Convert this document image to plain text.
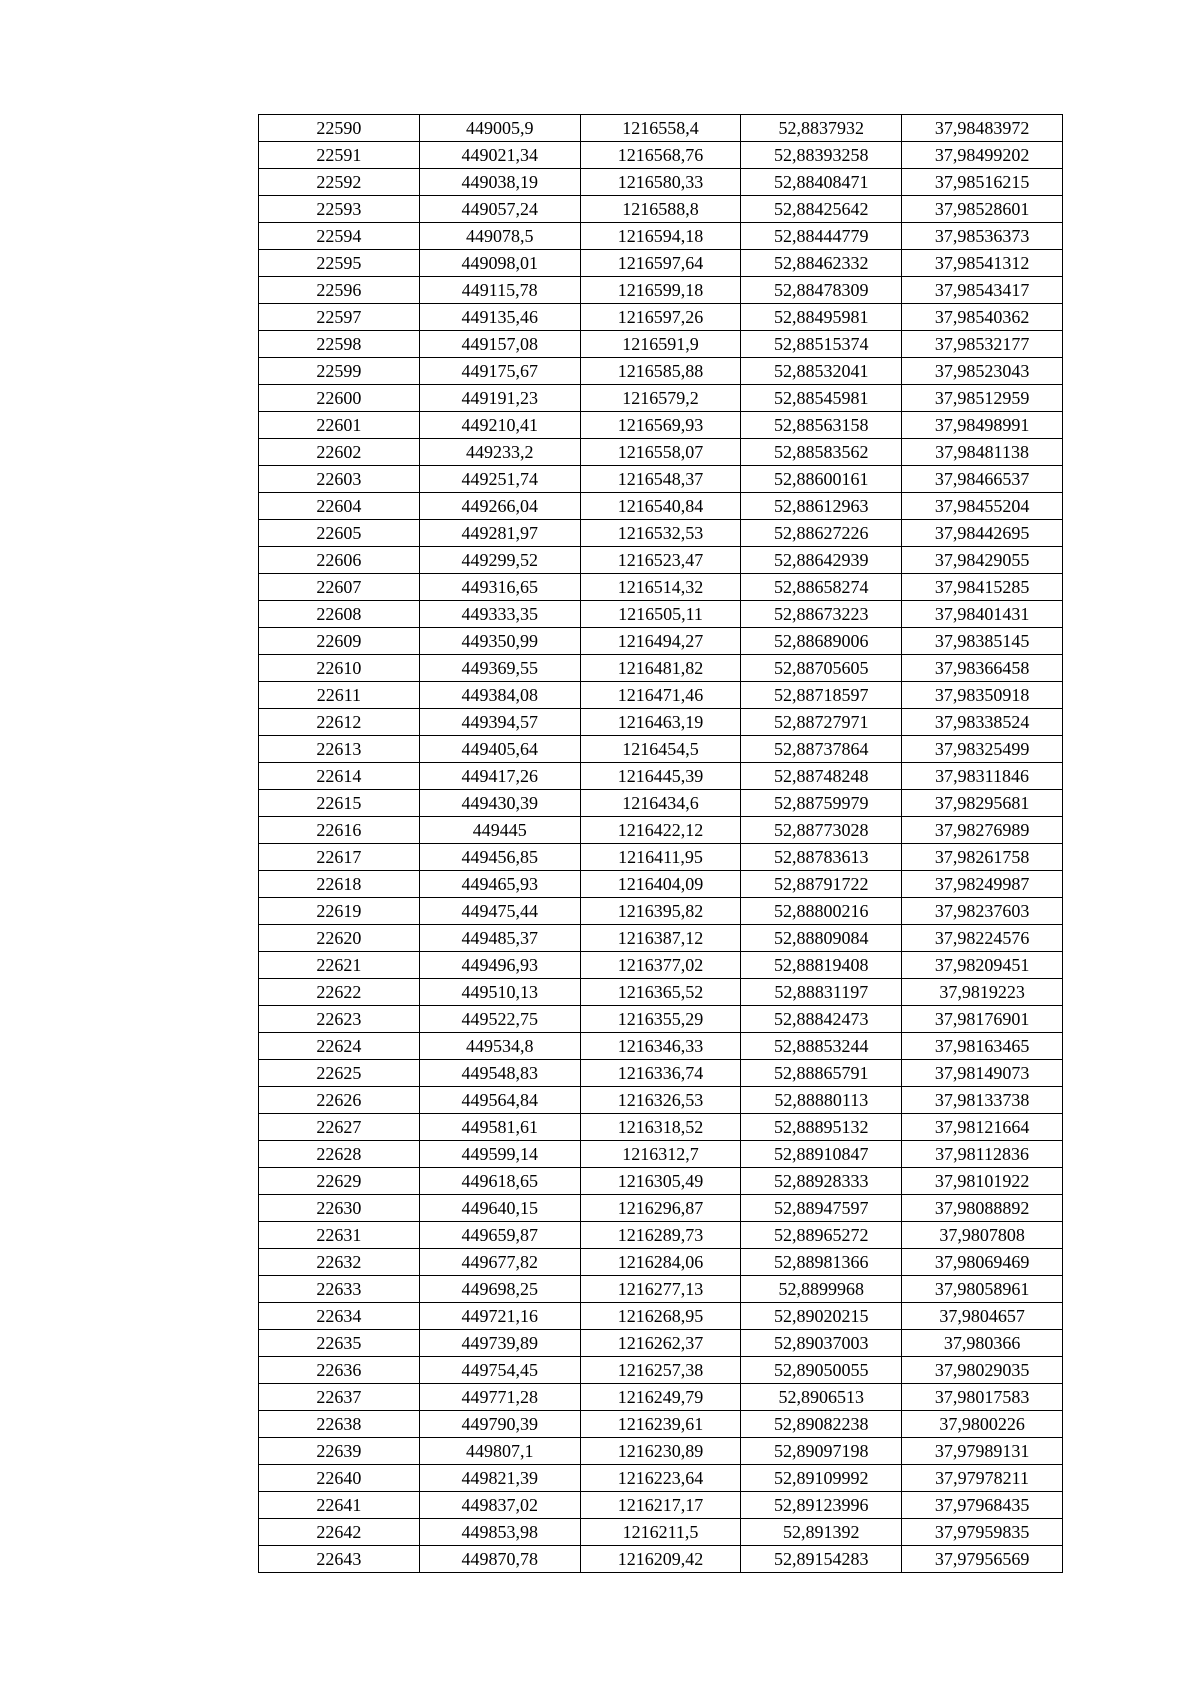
22590	449005,9	1216558,4	52,8837932	37,98483972
22591	449021,34	1216568,76	52,88393258	37,98499202
22592	449038,19	1216580,33	52,88408471	37,98516215
22593	449057,24	1216588,8	52,88425642	37,98528601
22594	449078,5	1216594,18	52,88444779	37,98536373
22595	449098,01	1216597,64	52,88462332	37,98541312
22596	449115,78	1216599,18	52,88478309	37,98543417
22597	449135,46	1216597,26	52,88495981	37,98540362
22598	449157,08	1216591,9	52,88515374	37,98532177
22599	449175,67	1216585,88	52,88532041	37,98523043
22600	449191,23	1216579,2	52,88545981	37,98512959
22601	449210,41	1216569,93	52,88563158	37,98498991
22602	449233,2	1216558,07	52,88583562	37,98481138
22603	449251,74	1216548,37	52,88600161	37,98466537
22604	449266,04	1216540,84	52,88612963	37,98455204
22605	449281,97	1216532,53	52,88627226	37,98442695
22606	449299,52	1216523,47	52,88642939	37,98429055
22607	449316,65	1216514,32	52,88658274	37,98415285
22608	449333,35	1216505,11	52,88673223	37,98401431
22609	449350,99	1216494,27	52,88689006	37,98385145
22610	449369,55	1216481,82	52,88705605	37,98366458
22611	449384,08	1216471,46	52,88718597	37,98350918
22612	449394,57	1216463,19	52,88727971	37,98338524
22613	449405,64	1216454,5	52,88737864	37,98325499
22614	449417,26	1216445,39	52,88748248	37,98311846
22615	449430,39	1216434,6	52,88759979	37,98295681
22616	449445	1216422,12	52,88773028	37,98276989
22617	449456,85	1216411,95	52,88783613	37,98261758
22618	449465,93	1216404,09	52,88791722	37,98249987
22619	449475,44	1216395,82	52,88800216	37,98237603
22620	449485,37	1216387,12	52,88809084	37,98224576
22621	449496,93	1216377,02	52,88819408	37,98209451
22622	449510,13	1216365,52	52,88831197	37,9819223
22623	449522,75	1216355,29	52,88842473	37,98176901
22624	449534,8	1216346,33	52,88853244	37,98163465
22625	449548,83	1216336,74	52,88865791	37,98149073
22626	449564,84	1216326,53	52,88880113	37,98133738
22627	449581,61	1216318,52	52,88895132	37,98121664
22628	449599,14	1216312,7	52,88910847	37,98112836
22629	449618,65	1216305,49	52,88928333	37,98101922
22630	449640,15	1216296,87	52,88947597	37,98088892
22631	449659,87	1216289,73	52,88965272	37,9807808
22632	449677,82	1216284,06	52,88981366	37,98069469
22633	449698,25	1216277,13	52,8899968	37,98058961
22634	449721,16	1216268,95	52,89020215	37,9804657
22635	449739,89	1216262,37	52,89037003	37,980366
22636	449754,45	1216257,38	52,89050055	37,98029035
22637	449771,28	1216249,79	52,8906513	37,98017583
22638	449790,39	1216239,61	52,89082238	37,9800226
22639	449807,1	1216230,89	52,89097198	37,97989131
22640	449821,39	1216223,64	52,89109992	37,97978211
22641	449837,02	1216217,17	52,89123996	37,97968435
22642	449853,98	1216211,5	52,891392	37,97959835
22643	449870,78	1216209,42	52,89154283	37,97956569
